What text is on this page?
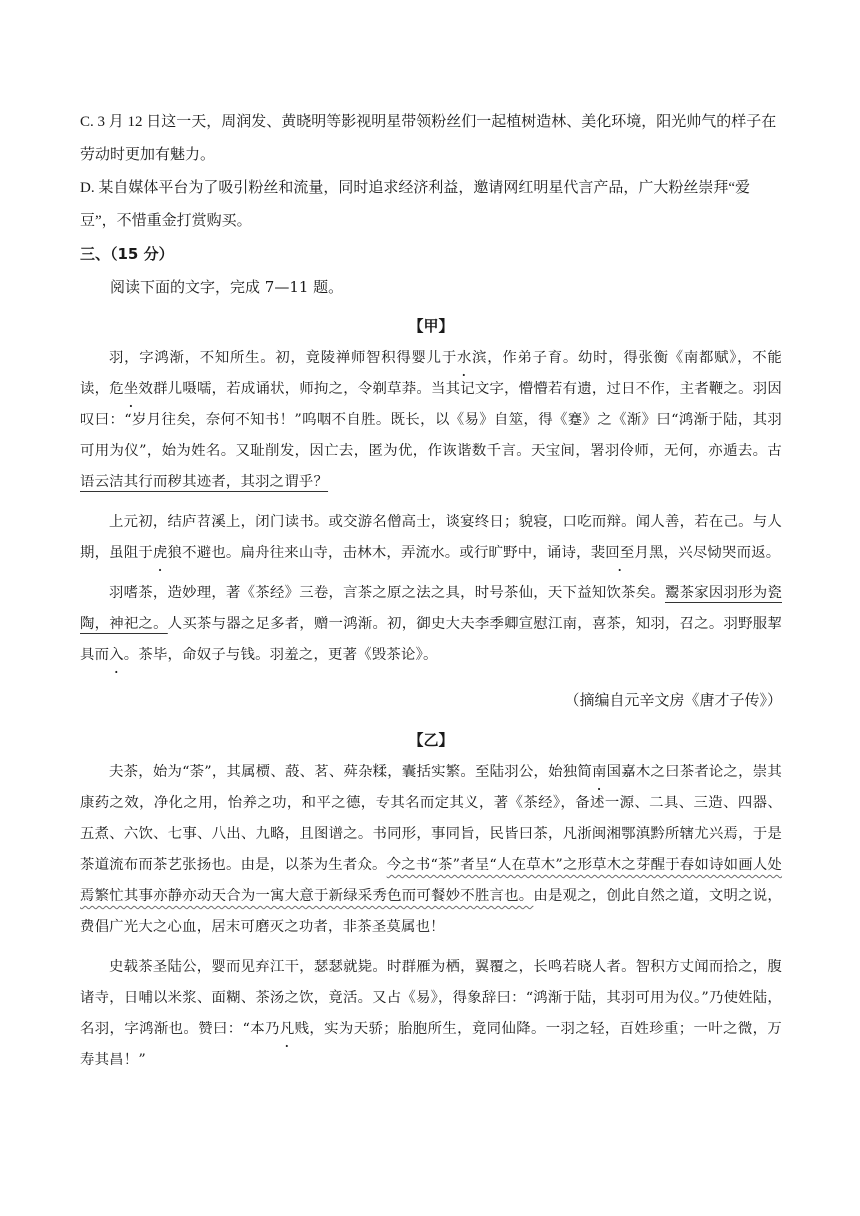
C. 3 月 12 日这一天，周润发、黄晓明等影视明星带领粉丝们一起植树造林、美化环境，阳光帅气的样子在劳动时更加有魅力。

D. 某自媒体平台为了吸引粉丝和流量，同时追求经济利益，邀请网红明星代言产品，广大粉丝崇拜“爱豆”，不惜重金打赏购买。

三、（15 分）

阅读下面的文字，完成 7—11 题。

【甲】

羽，字鸿渐，不知所生。初，竟陵禅师智积得婴儿于水滨，作弟子育。幼时，得张衡《南都赋》，不能读，危坐效群儿嗫嚅，若成诵状，师拘之，令剃草莽。当其记文字，懵懵若有遗，过日不作，主者鞭之。羽因叹曰：“岁月往矣，奈何不知书！”呜咽不自胜。既长，以《易》自筮，得《蹇》之《渐》曰“鸿渐于陆，其羽可用为仪”，始为姓名。又耻削发，因亡去，匿为优，作诙谐数千言。天宝间，署羽伶师，无何，亦遁去。古语云洁其行而秽其迹者，其羽之谓乎？

上元初，结庐苕溪上，闭门读书。或交游名僧高士，谈宴终日；貌寝，口吃而辩。闻人善，若在己。与人期，虽阻于虎狼不避也。扁舟往来山寺，击林木，弄流水。或行旷野中，诵诗，裴回至月黑，兴尽恸哭而返。

羽嗜茶，造妙理，著《茶经》三卷，言茶之原之法之具，时号茶仙，天下益知饮茶矣。鬻茶家因羽形为瓷陶，神祀之。人买茶与器之足多者，赠一鸿渐。初，御史大夫李季卿宣慰江南，喜茶，知羽，召之。羽野服挈具而入。茶毕，命奴子与钱。羽羞之，更著《毁茶论》。

（摘编自元辛文房《唐才子传》）

【乙】

夫茶，始为“荼”，其属槚、蔎、茗、荈杂糅，囊括实繁。至陆羽公，始独简南国嘉木之曰茶者论之，崇其康药之效，净化之用，怡养之功，和平之德，专其名而定其义，著《茶经》，备述一源、二具、三造、四器、五煮、六饮、七事、八出、九略，且图谱之。书同形，事同旨，民皆曰茶，凡浙闽湘鄂滇黔所辖尤兴焉，于是茶道流布而茶艺张扬也。由是，以茶为生者众。今之书“茶”者呈“人在草木”之形草木之芽醒于春如诗如画人处焉繁忙其事亦静亦动天合为一寓大意于新绿采秀色而可餐妙不胜言也。由是观之，创此自然之道，文明之说，费倡广光大之心血，居末可磨灭之功者，非茶圣莫属也！

史载茶圣陆公，婴而见弃江干，瑟瑟就毙。时群雁为栖，翼覆之，长鸣若晓人者。智积方丈闻而拾之，腹诸寺，日哺以米浆、面糊、茶汤之饮，竟活。又占《易》，得象辞曰：“鸿渐于陆，其羽可用为仪。”乃使姓陆，名羽，字鸿渐也。赞曰：“本乃凡贱，实为天骄；胎胞所生，竟同仙降。一羽之轻，百姓珍重；一叶之微，万寿其昌！”
